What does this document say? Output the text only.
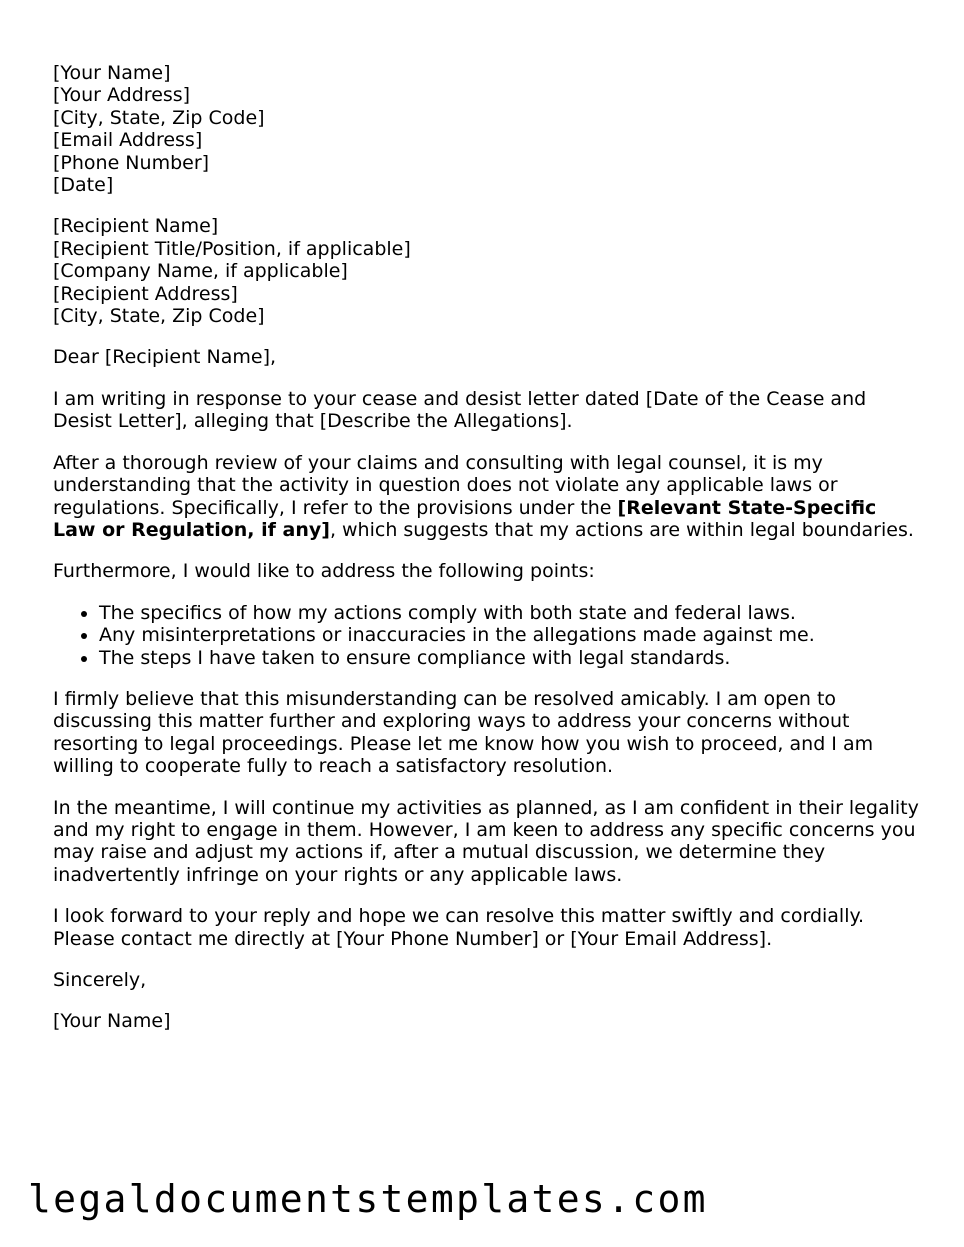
[Your Name]
[Your Address]
[City, State, Zip Code]
[Email Address]
[Phone Number]
[Date]
[Recipient Name]
[Recipient Title/Position, if applicable]
[Company Name, if applicable]
[Recipient Address]
[City, State, Zip Code]

Dear [Recipient Name],

I am writing in response to your cease and desist letter dated [Date of the Cease and Desist Letter], alleging that [Describe the Allegations].

After a thorough review of your claims and consulting with legal counsel, it is my understanding that the activity in question does not violate any applicable laws or regulations. Specifically, I refer to the provisions under the [Relevant State-Specific Law or Regulation, if any], which suggests that my actions are within legal boundaries.

Furthermore, I would like to address the following points:

• The specifics of how my actions comply with both state and federal laws.
• Any misinterpretations or inaccuracies in the allegations made against me.
• The steps I have taken to ensure compliance with legal standards.

I firmly believe that this misunderstanding can be resolved amicably. I am open to discussing this matter further and exploring ways to address your concerns without resorting to legal proceedings. Please let me know how you wish to proceed, and I am willing to cooperate fully to reach a satisfactory resolution.

In the meantime, I will continue my activities as planned, as I am confident in their legality and my right to engage in them. However, I am keen to address any specific concerns you may raise and adjust my actions if, after a mutual discussion, we determine they inadvertently infringe on your rights or any applicable laws.

I look forward to your reply and hope we can resolve this matter swiftly and cordially. Please contact me directly at [Your Phone Number] or [Your Email Address].

Sincerely,

[Your Name]

legaldocumentstemplates.com
